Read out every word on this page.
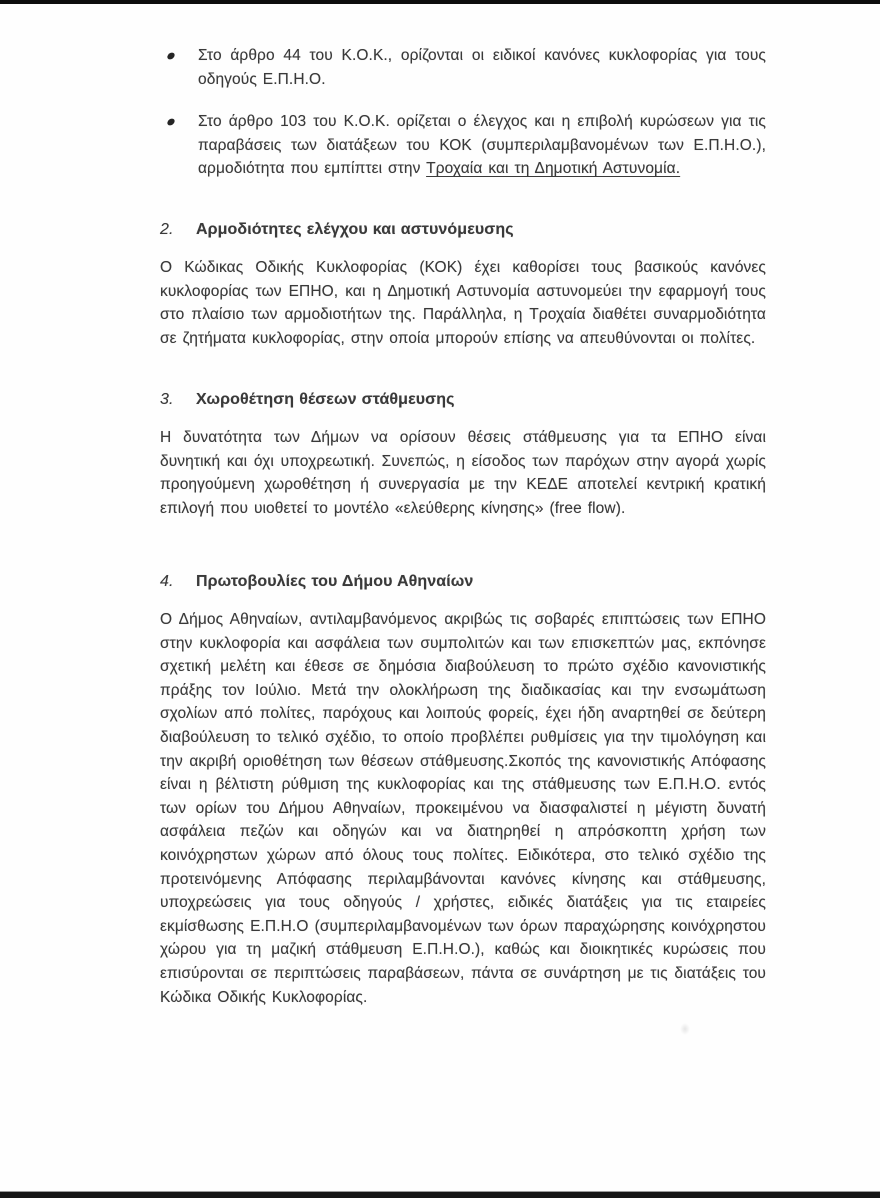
Στο άρθρο 44 του Κ.Ο.Κ., ορίζονται οι ειδικοί κανόνες κυκλοφορίας για τους οδηγούς Ε.Π.Η.Ο.
Στο άρθρο 103 του Κ.Ο.Κ. ορίζεται ο έλεγχος και η επιβολή κυρώσεων για τις παραβάσεις των διατάξεων του ΚΟΚ (συμπεριλαμβανομένων των Ε.Π.Η.Ο.), αρμοδιότητα που εμπίπτει στην Τροχαία και τη Δημοτική Αστυνομία.
2.	Αρμοδιότητες ελέγχου και αστυνόμευσης
Ο Κώδικας Οδικής Κυκλοφορίας (ΚΟΚ) έχει καθορίσει τους βασικούς κανόνες κυκλοφορίας των ΕΠΗΟ, και η Δημοτική Αστυνομία αστυνομεύει την εφαρμογή τους στο πλαίσιο των αρμοδιοτήτων της. Παράλληλα, η Τροχαία διαθέτει συναρμοδιότητα σε ζητήματα κυκλοφορίας, στην οποία μπορούν επίσης να απευθύνονται οι πολίτες.
3.	Χωροθέτηση θέσεων στάθμευσης
Η δυνατότητα των Δήμων να ορίσουν θέσεις στάθμευσης για τα ΕΠΗΟ είναι δυνητική και όχι υποχρεωτική. Συνεπώς, η είσοδος των παρόχων στην αγορά χωρίς προηγούμενη χωροθέτηση ή συνεργασία με την ΚΕΔΕ αποτελεί κεντρική κρατική επιλογή που υιοθετεί το μοντέλο «ελεύθερης κίνησης» (free flow).
4.	Πρωτοβουλίες του Δήμου Αθηναίων
Ο Δήμος Αθηναίων, αντιλαμβανόμενος ακριβώς τις σοβαρές επιπτώσεις των ΕΠΗΟ στην κυκλοφορία και ασφάλεια των συμπολιτών και των επισκεπτών μας, εκπόνησε σχετική μελέτη και έθεσε σε δημόσια διαβούλευση το πρώτο σχέδιο κανονιστικής πράξης τον Ιούλιο. Μετά την ολοκλήρωση της διαδικασίας και την ενσωμάτωση σχολίων από πολίτες, παρόχους και λοιπούς φορείς, έχει ήδη αναρτηθεί σε δεύτερη διαβούλευση το τελικό σχέδιο, το οποίο προβλέπει ρυθμίσεις για την τιμολόγηση και την ακριβή οριοθέτηση των θέσεων στάθμευσης.Σκοπός της κανονιστικής Απόφασης είναι η βέλτιστη ρύθμιση της κυκλοφορίας και της στάθμευσης των Ε.Π.Η.Ο. εντός των ορίων του Δήμου Αθηναίων, προκειμένου να διασφαλιστεί η μέγιστη δυνατή ασφάλεια πεζών και οδηγών και να διατηρηθεί η απρόσκοπτη χρήση των κοινόχρηστων χώρων από όλους τους πολίτες. Ειδικότερα, στο τελικό σχέδιο της προτεινόμενης Απόφασης περιλαμβάνονται κανόνες κίνησης και στάθμευσης, υποχρεώσεις για τους οδηγούς / χρήστες, ειδικές διατάξεις για τις εταιρείες εκμίσθωσης Ε.Π.Η.Ο (συμπεριλαμβανομένων των όρων παραχώρησης κοινόχρηστου χώρου για τη μαζική στάθμευση Ε.Π.Η.Ο.), καθώς και διοικητικές κυρώσεις που επισύρονται σε περιπτώσεις παραβάσεων, πάντα σε συνάρτηση με τις διατάξεις του Κώδικα Οδικής Κυκλοφορίας.
